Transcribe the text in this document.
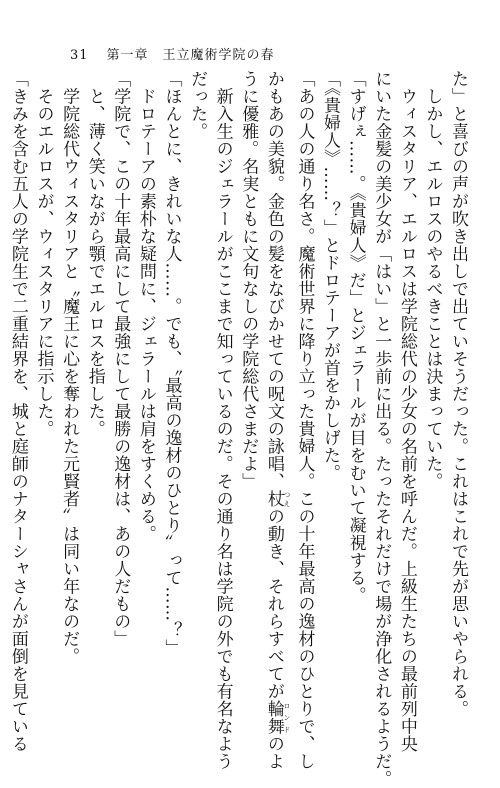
31 第一章　王立魔術学院の春
た」と喜びの声が吹き出しで出ていそうだった。これはこれで先が思いやられる。
　しかし、エルロスのやるべきことは決まっていた。
　ウィスタリア、エルロスは学院総代の少女の名前を呼んだ。上級生たちの最前列中央
にいた金髪の美少女が「はい」と一歩前に出る。たったそれだけで場が浄化されるようだ。
「すげぇ……。《貴婦人》だ」とジェラールが目をむいて凝視する。
「《貴婦人》……？」とドロテーアが首をかしげた。
「あの人の通り名さ。魔術世界に降り立った貴婦人。この十年最高の逸材のひとりで、し
かもあの美貌。金色の髪をなびかせての呪文の詠唱、杖 つえの動き、それらすべてが輪舞 ロンドのよ
うに優雅。名実ともに文句なしの学院総代さまだよ」
　新入生のジェラールがここまで知っているのだ。その通り名は学院の外でも有名なよう
だった。
「ほんとに、きれいな人……。でも、〝最高の逸材のひとり〟って……？」
　ドロテーアの素朴な疑問に、ジェラールは肩をすくめる。
「学院で、この十年最高にして最強にして最勝の逸材は、あの人だもの」
　と、薄く笑いながら顎でエルロスを指した。
　学院総代ウィスタリアと〝魔王に心を奪われた元賢者〟は同い年なのだ。
　そのエルロスが、ウィスタリアに指示した。
「きみを含む五人の学院生で二重結界を、城と庭師のナターシャさんが面倒を見ている
